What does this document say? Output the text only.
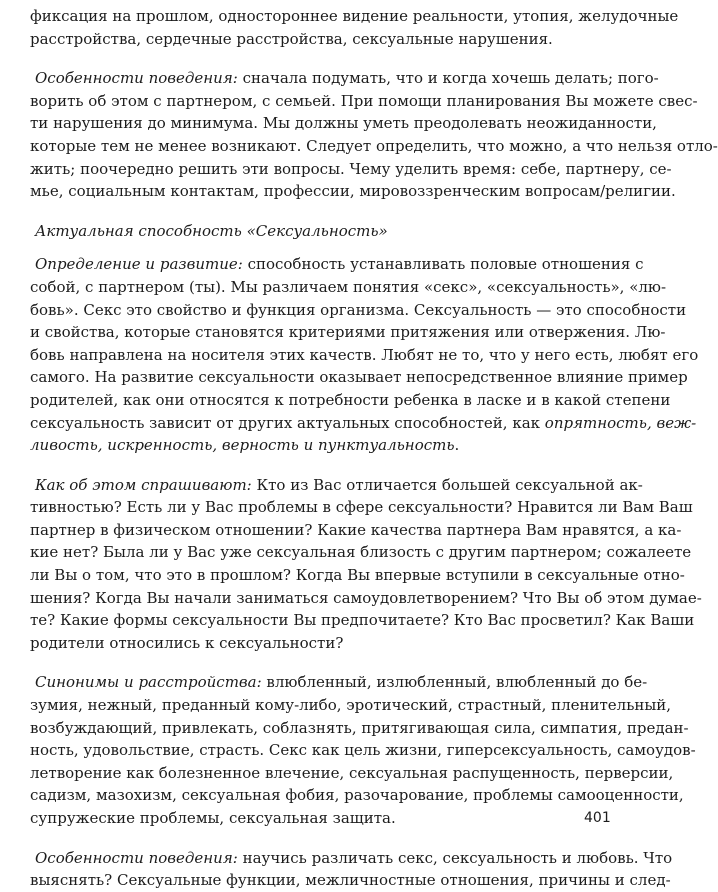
фиксация на прошлом, одностороннее видение реальности, утопия, желудочные
расстройства, сердечные расстройства, сексуальные нарушения.
Особенности поведения: сначала подумать, что и когда хочешь делать; пого-
ворить об этом с партнером, с семьей. При помощи планирования Вы можете свес-
ти нарушения до минимума. Мы должны уметь преодолевать неожиданности,
которые тем не менее возникают. Следует определить, что можно, а что нельзя отло-
жить; поочередно решить эти вопросы. Чему уделить время: себе, партнеру, се-
мье, социальным контактам, профессии, мировоззренческим вопросам/религии.
Актуальная способность «Сексуальность»
Определение и развитие: способность устанавливать половые отношения с
собой, с партнером (ты). Мы различаем понятия «секс», «сексуальность», «лю-
бовь». Секс это свойство и функция организма. Сексуальность — это способности
и свойства, которые становятся критериями притяжения или отвержения. Лю-
бовь направлена на носителя этих качеств. Любят не то, что у него есть, любят его
самого. На развитие сексуальности оказывает непосредственное влияние пример
родителей, как они относятся к потребности ребенка в ласке и в какой степени
сексуальность зависит от других актуальных способностей, как опрятность, веж-
ливость, искренность, верность и пунктуальность.
Как об этом спрашивают: Кто из Вас отличается большей сексуальной ак-
тивностью? Есть ли у Вас проблемы в сфере сексуальности? Нравится ли Вам Ваш
партнер в физическом отношении? Какие качества партнера Вам нравятся, а ка-
кие нет? Была ли у Вас уже сексуальная близость с другим партнером; сожалеете
ли Вы о том, что это в прошлом? Когда Вы впервые вступили в сексуальные отно-
шения? Когда Вы начали заниматься самоудовлетворением? Что Вы об этом думае-
те? Какие формы сексуальности Вы предпочитаете? Кто Вас просветил? Как Ваши
родители относились к сексуальности?
Синонимы и расстройства: влюбленный, излюбленный, влюбленный до бе-
зумия, нежный, преданный кому-либо, эротический, страстный, пленительный,
возбуждающий, привлекать, соблазнять, притягивающая сила, симпатия, предан-
ность, удовольствие, страсть. Секс как цель жизни, гиперсексуальность, самоудов-
летворение как болезненное влечение, сексуальная распущенность, перверсии,
садизм, мазохизм, сексуальная фобия, разочарование, проблемы самооценности,
супружеские проблемы, сексуальная защита.
Особенности поведения: научись различать секс, сексуальность и любовь. Что
выяснять? Сексуальные функции, межличностные отношения, причины и след-
401
